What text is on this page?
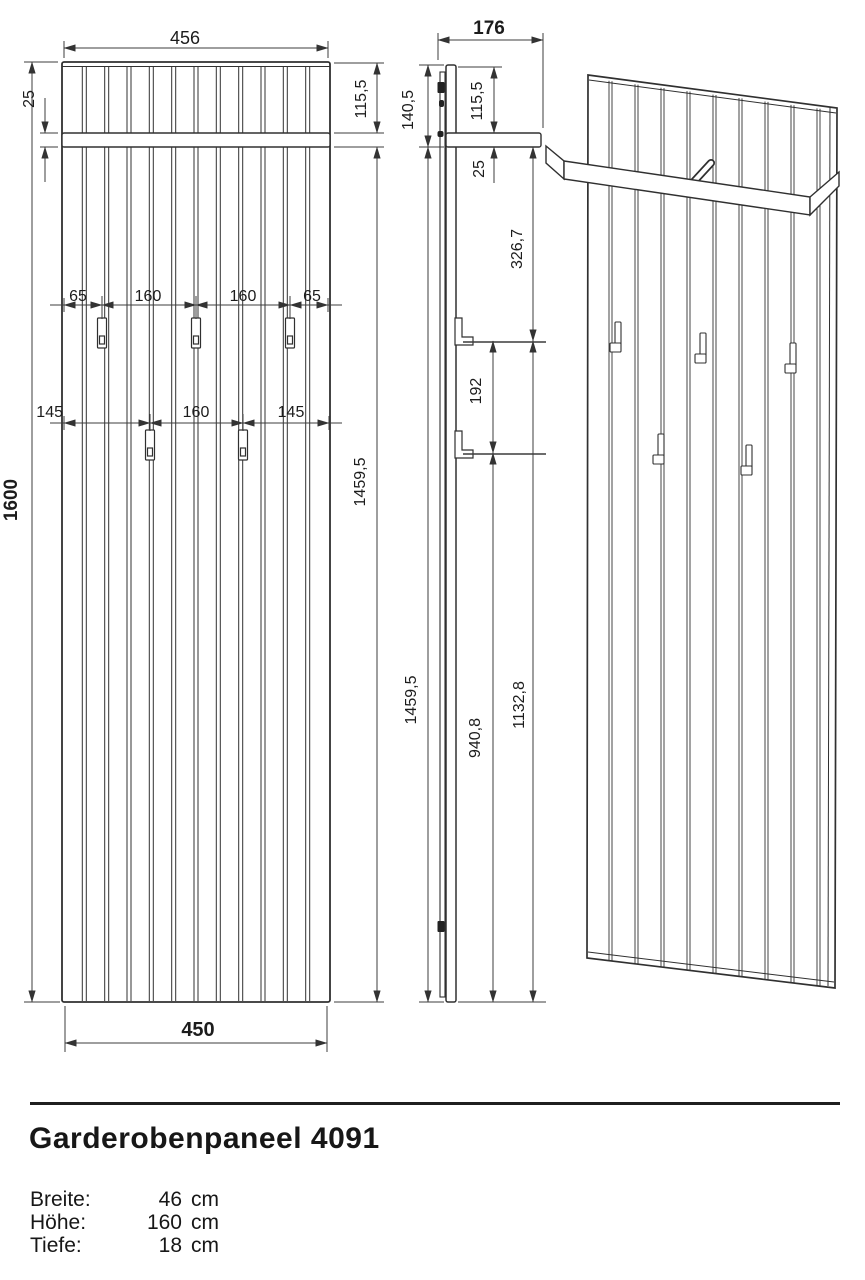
456
25
1600
115,5
1459,5
65	160	160	65
145	160	145
450
176
140,5
1459,5
115,5
25
326,7
192
940,8
1132,8
Garderobenpaneel 4091
Breite:	46 cm
Höhe:	160 cm
Tiefe:	18 cm
